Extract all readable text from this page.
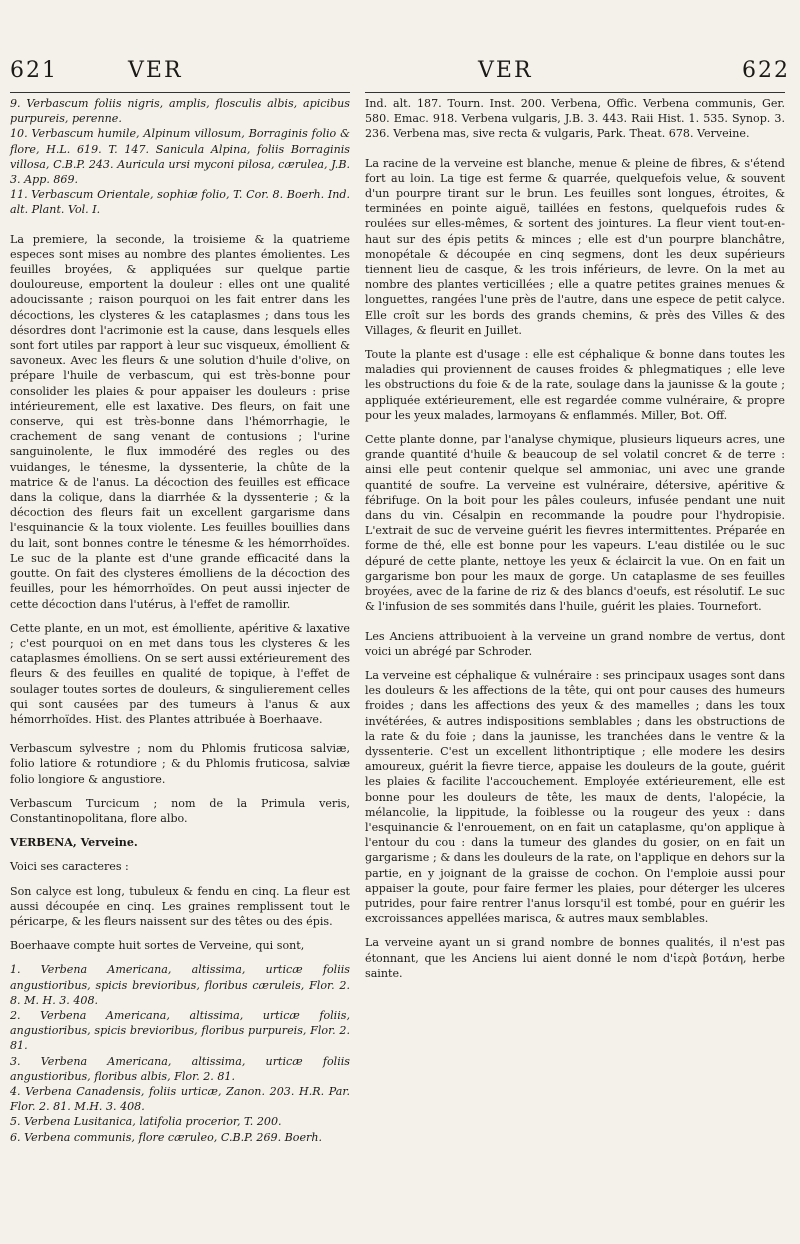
621	VER	VER	622
9. Verbascum foliis nigris, amplis, flosculis albis, apicibus purpureis, perenne.
10. Verbascum humile, Alpinum villosum, Borraginis folio & flore, H.L. 619. T. 147. Sanicula Alpina, foliis Borraginis villosa, C.B.P. 243. Auricula ursi myconi pilosa, cærulea, J.B. 3. App. 869.
11. Verbascum Orientale, sophiæ folio, T. Cor. 8. Boerh. Ind. alt. Plant. Vol. I.

La premiere, la seconde, la troisieme & la quatrieme especes sont mises au nombre des plantes émolientes. Les feuilles broyées, & appliquées sur quelque partie douloureuse, emportent la douleur : elles ont une qualité adoucissante ; raison pourquoi on les fait entrer dans les décoctions, les clysteres & les cataplasmes ; dans tous les désordres dont l'acrimonie est la cause, dans lesquels elles sont fort utiles par rapport à leur suc visqueux, émollient & savoneux. Avec les fleurs & une solution d'huile d'olive, on prépare l'huile de verbascum, qui est très-bonne pour consolider les plaies & pour appaiser les douleurs : prise intérieurement, elle est laxative. Des fleurs, on fait une conserve, qui est très-bonne dans l'hémorrhagie, le crachement de sang venant de contusions ; l'urine sanguinolente, le flux immodéré des regles ou des vuidanges, le ténesme, la dyssenterie, la chûte de la matrice & de l'anus. La décoction des feuilles est efficace dans la colique, dans la diarrhée & la dyssenterie ; & la décoction des fleurs fait un excellent gargarisme dans l'esquinancie & la toux violente. Les feuilles bouillies dans du lait, sont bonnes contre le ténesme & les hémorrhoïdes. Le suc de la plante est d'une grande efficacité dans la goutte. On fait des clysteres émolliens de la décoction des feuilles, pour les hémorrhoïdes. On peut aussi injecter de cette décoction dans l'utérus, à l'effet de ramollir.

Cette plante, en un mot, est émolliente, apéritive & laxative ; c'est pourquoi on en met dans tous les clysteres & les cataplasmes émolliens. On se sert aussi extérieurement des fleurs & des feuilles en qualité de topique, à l'effet de soulager toutes sortes de douleurs, & singulierement celles qui sont causées par des tumeurs à l'anus & aux hémorrhoïdes. Hist. des Plantes attribuée à Boerhaave.

Verbascum sylvestre ; nom du Phlomis fruticosa salviæ, folio latiore & rotundiore ; & du Phlomis fruticosa, salviæ folio longiore & angustiore.

Verbascum Turcicum ; nom de la Primula veris, Constantinopolitana, flore albo.

VERBENA, Verveine.

Voici ses caracteres :

Son calyce est long, tubuleux & fendu en cinq. La fleur est aussi découpée en cinq. Les graines remplissent tout le péricarpe, & les fleurs naissent sur des têtes ou des épis.

Boerhaave compte huit sortes de Verveine, qui sont,

1. Verbena Americana, altissima, urticæ foliis angustioribus, spicis brevioribus, floribus cæruleis, Flor. 2. 8. M. H. 3. 408.
2. Verbena Americana, altissima, urticæ foliis, angustioribus, spicis brevioribus, floribus purpureis, Flor. 2. 81.
3. Verbena Americana, altissima, urticæ foliis angustioribus, floribus albis, Flor. 2. 81.
4. Verbena Canadensis, foliis urticæ, Zanon. 203. H.R. Par. Flor. 2. 81. M.H. 3. 408.
5. Verbena Lusitanica, latifolia procerior, T. 200.
6. Verbena communis, flore cæruleo, C.B.P. 269. Boerh.

Ind. alt. 187. Tourn. Inst. 200. Verbena, Offic. Verbena communis, Ger. 580. Emac. 918. Verbena vulgaris, J.B. 3. 443. Raii Hist. 1. 535. Synop. 3. 236. Verbena mas, sive recta & vulgaris, Park. Theat. 678. Verveine.

La racine de la verveine est blanche, menue & pleine de fibres, & s'étend fort au loin. La tige est ferme & quarrée, quelquefois velue, & souvent d'un pourpre tirant sur le brun. Les feuilles sont longues, étroites, & terminées en pointe aiguë, taillées en festons, quelquefois rudes & roulées sur elles-mêmes, & sortent des jointures. La fleur vient tout-en-haut sur des épis petits & minces ; elle est d'un pourpre blanchâtre, monopétale & découpée en cinq segmens, dont les deux supérieurs tiennent lieu de casque, & les trois inférieurs, de levre. On la met au nombre des plantes verticillées ; elle a quatre petites graines menues & longuettes, rangées l'une près de l'autre, dans une espece de petit calyce. Elle croît sur les bords des grands chemins, & près des Villes & des Villages, & fleurit en Juillet.

Toute la plante est d'usage : elle est céphalique & bonne dans toutes les maladies qui proviennent de causes froides & phlegmatiques ; elle leve les obstructions du foie & de la rate, soulage dans la jaunisse & la goute ; appliquée extérieurement, elle est regardée comme vulnéraire, & propre pour les yeux malades, larmoyans & enflammés. Miller, Bot. Off.

Cette plante donne, par l'analyse chymique, plusieurs liqueurs acres, une grande quantité d'huile & beaucoup de sel volatil concret & de terre : ainsi elle peut contenir quelque sel ammoniac, uni avec une grande quantité de soufre. La verveine est vulnéraire, détersive, apéritive & fébrifuge. On la boit pour les pâles couleurs, infusée pendant une nuit dans du vin. Césalpin en recommande la poudre pour l'hydropisie. L'extrait de suc de verveine guérit les fievres intermittentes. Préparée en forme de thé, elle est bonne pour les vapeurs. L'eau distilée ou le suc dépuré de cette plante, nettoye les yeux & éclaircit la vue. On en fait un gargarisme bon pour les maux de gorge. Un cataplasme de ses feuilles broyées, avec de la farine de riz & des blancs d'oeufs, est résolutif. Le suc & l'infusion de ses sommités dans l'huile, guérit les plaies. Tournefort.

Les Anciens attribuoient à la verveine un grand nombre de vertus, dont voici un abrégé par Schroder.

La verveine est céphalique & vulnéraire : ses principaux usages sont dans les douleurs & les affections de la tête, qui ont pour causes des humeurs froides ; dans les affections des yeux & des mamelles ; dans les toux invétérées, & autres indispositions semblables ; dans les obstructions de la rate & du foie ; dans la jaunisse, les tranchées dans le ventre & la dyssenterie. C'est un excellent lithontriptique ; elle modere les desirs amoureux, guérit la fievre tierce, appaise les douleurs de la goute, guérit les plaies & facilite l'accouchement. Employée extérieurement, elle est bonne pour les douleurs de tête, les maux de dents, l'alopécie, la mélancolie, la lippitude, la foiblesse ou la rougeur des yeux : dans l'esquinancie & l'enrouement, on en fait un cataplasme, qu'on applique à l'entour du cou : dans la tumeur des glandes du gosier, on en fait un gargarisme ; & dans les douleurs de la rate, on l'applique en dehors sur la partie, en y joignant de la graisse de cochon. On l'emploie aussi pour appaiser la goute, pour faire fermer les plaies, pour déterger les ulceres putrides, pour faire rentrer l'anus lorsqu'il est tombé, pour en guérir les excroissances appellées marisca, & autres maux semblables.

La verveine ayant un si grand nombre de bonnes qualités, il n'est pas étonnant, que les Anciens lui aient donné le nom d'ἱερὰ βοτάνη, herbe sainte.
